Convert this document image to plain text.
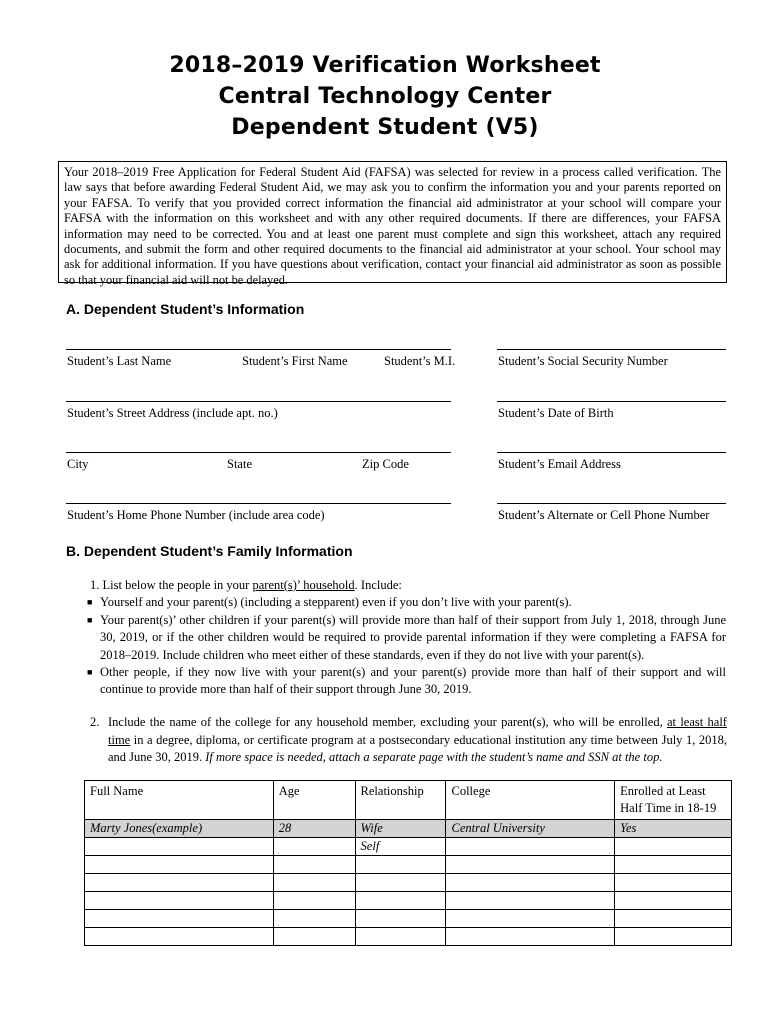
2018–2019 Verification Worksheet
Central Technology Center
Dependent Student (V5)

Your 2018–2019 Free Application for Federal Student Aid (FAFSA) was selected for review in a process called verification. The law says that before awarding Federal Student Aid, we may ask you to confirm the information you and your parents reported on your FAFSA. To verify that you provided correct information the financial aid administrator at your school will compare your FAFSA with the information on this worksheet and with any other required documents. If there are differences, your FAFSA information may need to be corrected. You and at least one parent must complete and sign this worksheet, attach any required documents, and submit the form and other required documents to the financial aid administrator at your school. Your school may ask for additional information. If you have questions about verification, contact your financial aid administrator as soon as possible so that your financial aid will not be delayed.

A. Dependent Student’s Information
Student’s Last Name	Student’s First Name	Student’s M.I.	Student’s Social Security Number
Student’s Street Address (include apt. no.)	Student’s Date of Birth
City	State	Zip Code	Student’s Email Address
Student’s Home Phone Number (include area code)	Student’s Alternate or Cell Phone Number
B. Dependent Student’s Family Information
1. List below the people in your parent(s)’ household. Include:
■ Yourself and your parent(s) (including a stepparent) even if you don’t live with your parent(s).
■ Your parent(s)’ other children if your parent(s) will provide more than half of their support from July 1, 2018, through June 30, 2019, or if the other children would be required to provide parental information if they were completing a FAFSA for 2018–2019. Include children who meet either of these standards, even if they do not live with your parent(s).
■ Other people, if they now live with your parent(s) and your parent(s) provide more than half of their support and will continue to provide more than half of their support through June 30, 2019.
2. Include the name of the college for any household member, excluding your parent(s), who will be enrolled, at least half time in a degree, diploma, or certificate program at a postsecondary educational institution any time between July 1, 2018, and June 30, 2019. If more space is needed, attach a separate page with the student’s name and SSN at the top.
Full Name	Age	Relationship	College	Enrolled at Least Half Time in 18-19
Marty Jones(example)	28	Wife	Central University	Yes
		Self		
